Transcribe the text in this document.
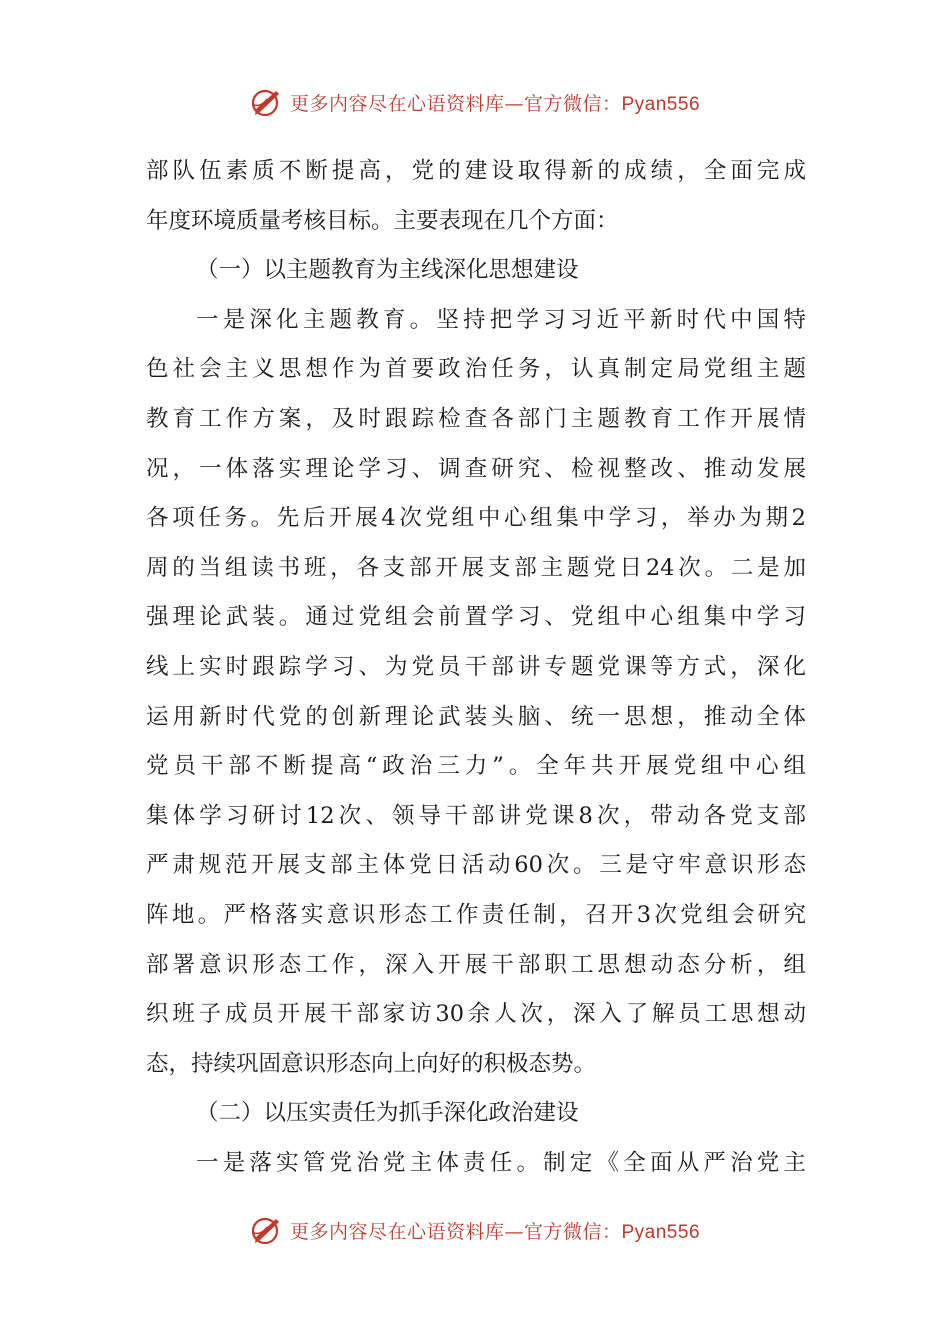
更多内容尽在心语资料库—官方微信：Pyan556
部队伍素质不断提高，党的建设取得新的成绩，全面完成
年度环境质量考核目标。主要表现在几个方面：
（一）以主题教育为主线深化思想建设
一是深化主题教育。坚持把学习习近平新时代中国特
色社会主义思想作为首要政治任务，认真制定局党组主题
教育工作方案，及时跟踪检查各部门主题教育工作开展情
况，一体落实理论学习、调查研究、检视整改、推动发展
各项任务。先后开展4次党组中心组集中学习，举办为期2
周的当组读书班，各支部开展支部主题党日24次。二是加
强理论武装。通过党组会前置学习、党组中心组集中学习
线上实时跟踪学习、为党员干部讲专题党课等方式，深化
运用新时代党的创新理论武装头脑、统一思想，推动全体
党员干部不断提高“政治三力”。全年共开展党组中心组
集体学习研讨12次、领导干部讲党课8次，带动各党支部
严肃规范开展支部主体党日活动60次。三是守牢意识形态
阵地。严格落实意识形态工作责任制，召开3次党组会研究
部署意识形态工作，深入开展干部职工思想动态分析，组
织班子成员开展干部家访30余人次，深入了解员工思想动
态，持续巩固意识形态向上向好的积极态势。
（二）以压实责任为抓手深化政治建设
一是落实管党治党主体责任。制定《全面从严治党主
更多内容尽在心语资料库—官方微信：Pyan556
